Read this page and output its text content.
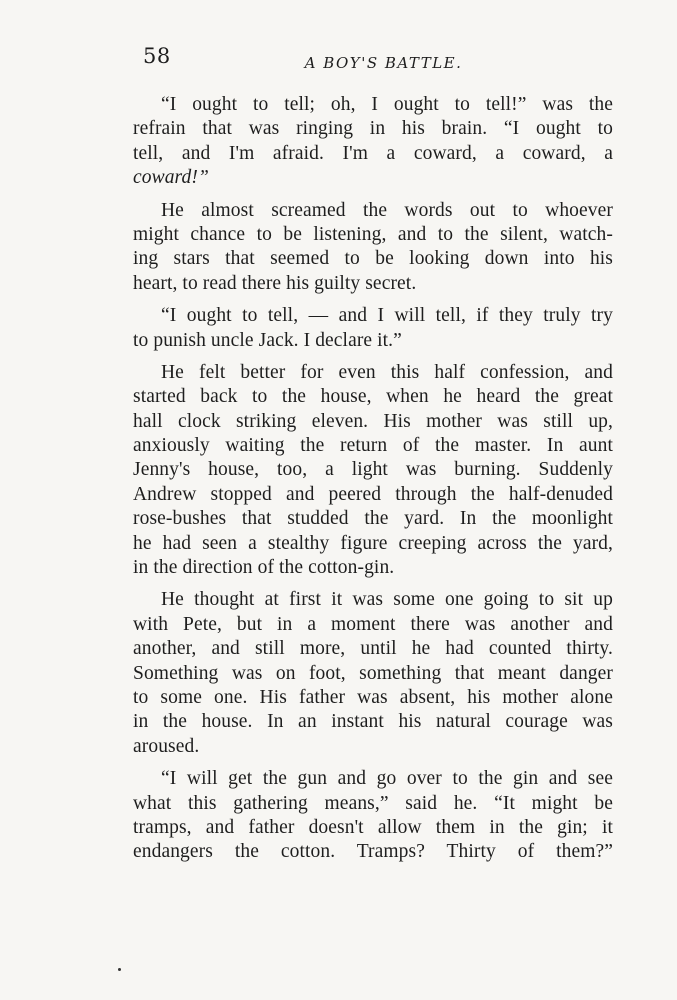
58	A BOY'S BATTLE.
“I ought to tell; oh, I ought to tell!” was the
refrain that was ringing in his brain. “I ought to
tell, and I'm afraid. I'm a coward, a coward, a
coward!”
He almost screamed the words out to whoever
might chance to be listening, and to the silent, watch-
ing stars that seemed to be looking down into his
heart, to read there his guilty secret.
“I ought to tell, — and I will tell, if they truly try
to punish uncle Jack. I declare it.”
He felt better for even this half confession, and
started back to the house, when he heard the great
hall clock striking eleven. His mother was still up,
anxiously waiting the return of the master. In aunt
Jenny's house, too, a light was burning. Suddenly
Andrew stopped and peered through the half-denuded
rose-bushes that studded the yard. In the moonlight
he had seen a stealthy figure creeping across the yard,
in the direction of the cotton-gin.
He thought at first it was some one going to sit up
with Pete, but in a moment there was another and
another, and still more, until he had counted thirty.
Something was on foot, something that meant danger
to some one. His father was absent, his mother alone
in the house. In an instant his natural courage was
aroused.
“I will get the gun and go over to the gin and see
what this gathering means,” said he. “It might be
tramps, and father doesn't allow them in the gin; it
endangers the cotton. Tramps? Thirty of them?”
